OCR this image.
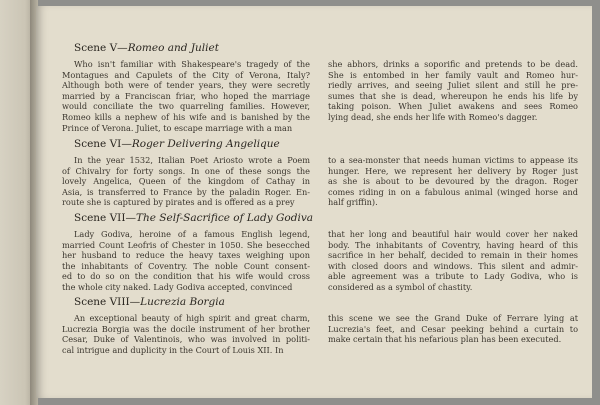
Scene V—Romeo and Juliet
Who isn't familiar with Shakespeare's tragedy of the
Montagues and Capulets of the City of Verona, Italy?
Although both were of tender years, they were secretly
married by a Franciscan friar, who hoped the marriage
would conciliate the two quarreling families. However,
Romeo kills a nephew of his wife and is banished by the
Prince of Verona. Juliet, to escape marriage with a man
she abhors, drinks a soporific and pretends to be dead.
She is entombed in her family vault and Romeo hur-
riedly arrives, and seeing Juliet silent and still he pre-
sumes that she is dead, whereupon he ends his life by
taking poison. When Juliet awakens and sees Romeo
lying dead, she ends her life with Romeo's dagger.
Scene VI—Roger Delivering Angelique
In the year 1532, Italian Poet Ariosto wrote a Poem
of Chivalry for forty songs. In one of these songs the
lovely Angelica, Queen of the kingdom of Cathay in
Asia, is transferred to France by the paladin Roger. En-
route she is captured by pirates and is offered as a prey
to a sea-monster that needs human victims to appease its
hunger. Here, we represent her delivery by Roger just
as she is about to be devoured by the dragon. Roger
comes riding in on a fabulous animal (winged horse and
half griffin).
Scene VII—The Self-Sacrifice of Lady Godiva
Lady Godiva, heroine of a famous English legend,
married Count Leofris of Chester in 1050. She besecched
her husband to reduce the heavy taxes weighing upon
the inhabitants of Coventry. The noble Count consent-
ed to do so on the condition that his wife would cross
the whole city naked. Lady Godiva accepted, convinced
that her long and beautiful hair would cover her naked
body. The inhabitants of Coventry, having heard of this
sacrifice in her behalf, decided to remain in their homes
with closed doors and windows. This silent and admir-
able agreement was a tribute to Lady Godiva, who is
considered as a symbol of chastity.
Scene VIII—Lucrezia Borgia
An exceptional beauty of high spirit and great charm,
Lucrezia Borgia was the docile instrument of her brother
Cesar, Duke of Valentinois, who was involved in politi-
cal intrigue and duplicity in the Court of Louis XII. In
this scene we see the Grand Duke of Ferrare lying at
Lucrezia's feet, and Cesar peeking behind a curtain to
make certain that his nefarious plan has been executed.
